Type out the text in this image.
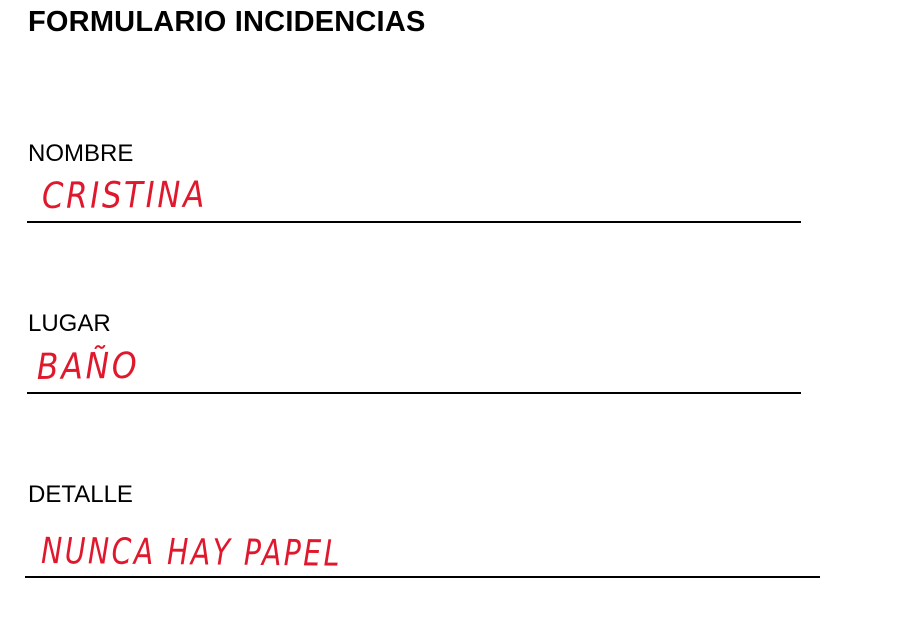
FORMULARIO INCIDENCIAS
NOMBRE
CRISTINA
LUGAR
BAÑO
DETALLE
NUNCA HAY PAPEL
